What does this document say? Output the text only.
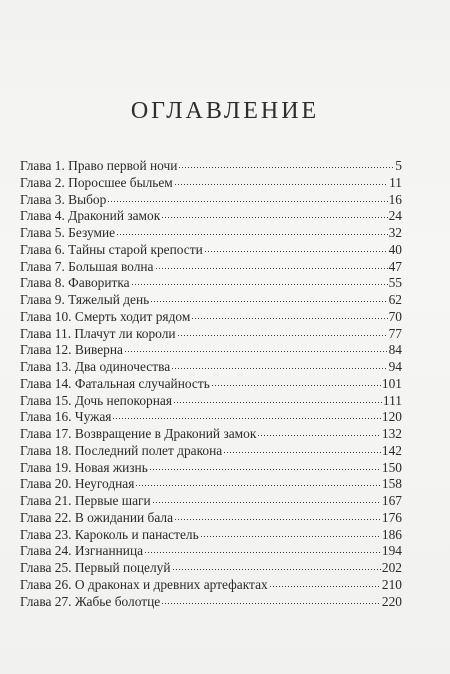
ОГЛАВЛЕНИЕ
Глава 1. Право первой ночи	5
Глава 2. Поросшее быльем	11
Глава 3. Выбор	16
Глава 4. Драконий замок	24
Глава 5. Безумие	32
Глава 6. Тайны старой крепости	40
Глава 7. Большая волна	47
Глава 8. Фаворитка	55
Глава 9. Тяжелый день	62
Глава 10. Смерть ходит рядом	70
Глава 11. Плачут ли короли	77
Глава 12. Виверна	84
Глава 13. Два одиночества	94
Глава 14. Фатальная случайность	101
Глава 15. Дочь непокорная	111
Глава 16. Чужая	120
Глава 17. Возвращение в Драконий замок	132
Глава 18. Последний полет дракона	142
Глава 19. Новая жизнь	150
Глава 20. Неугодная	158
Глава 21. Первые шаги	167
Глава 22. В ожидании бала	176
Глава 23. Кароколь и панастель	186
Глава 24. Изгнанница	194
Глава 25. Первый поцелуй	202
Глава 26. О драконах и древних артефактах	210
Глава 27. Жабье болотце	220
